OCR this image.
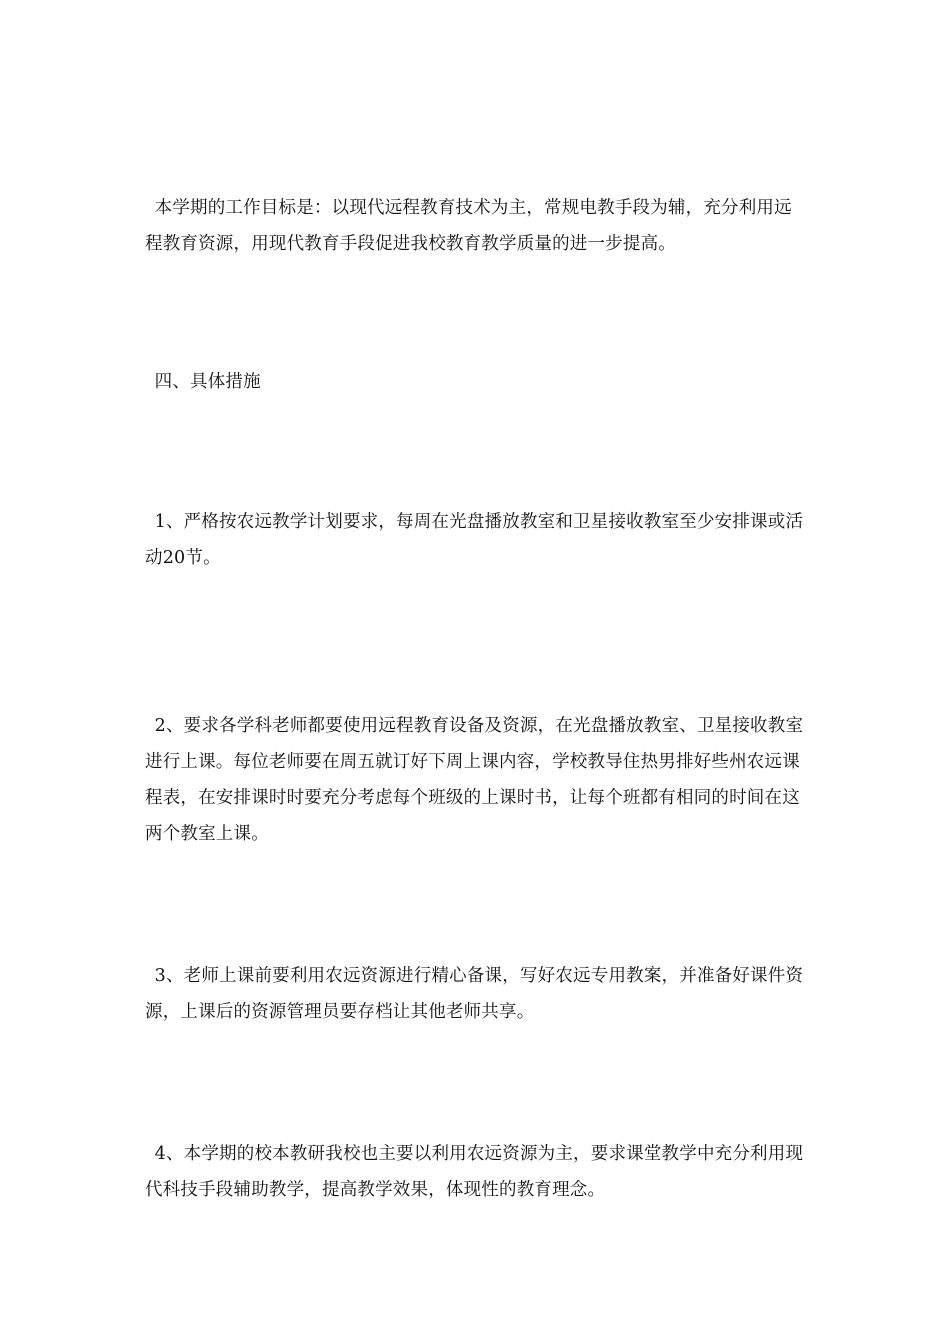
本学期的工作目标是：以现代远程教育技术为主，常规电教手段为辅，充分利用远程教育资源，用现代教育手段促进我校教育教学质量的进一步提高。

四、具体措施

1、严格按农远教学计划要求，每周在光盘播放教室和卫星接收教室至少安排课或活动20节。

2、要求各学科老师都要使用远程教育设备及资源，在光盘播放教室、卫星接收教室进行上课。每位老师要在周五就订好下周上课内容，学校教导住热男排好些州农远课程表，在安排课时时要充分考虑每个班级的上课时书，让每个班都有相同的时间在这两个教室上课。

3、老师上课前要利用农远资源进行精心备课，写好农远专用教案，并准备好课件资源，上课后的资源管理员要存档让其他老师共享。

4、本学期的校本教研我校也主要以利用农远资源为主，要求课堂教学中充分利用现代科技手段辅助教学，提高教学效果，体现性的教育理念。
